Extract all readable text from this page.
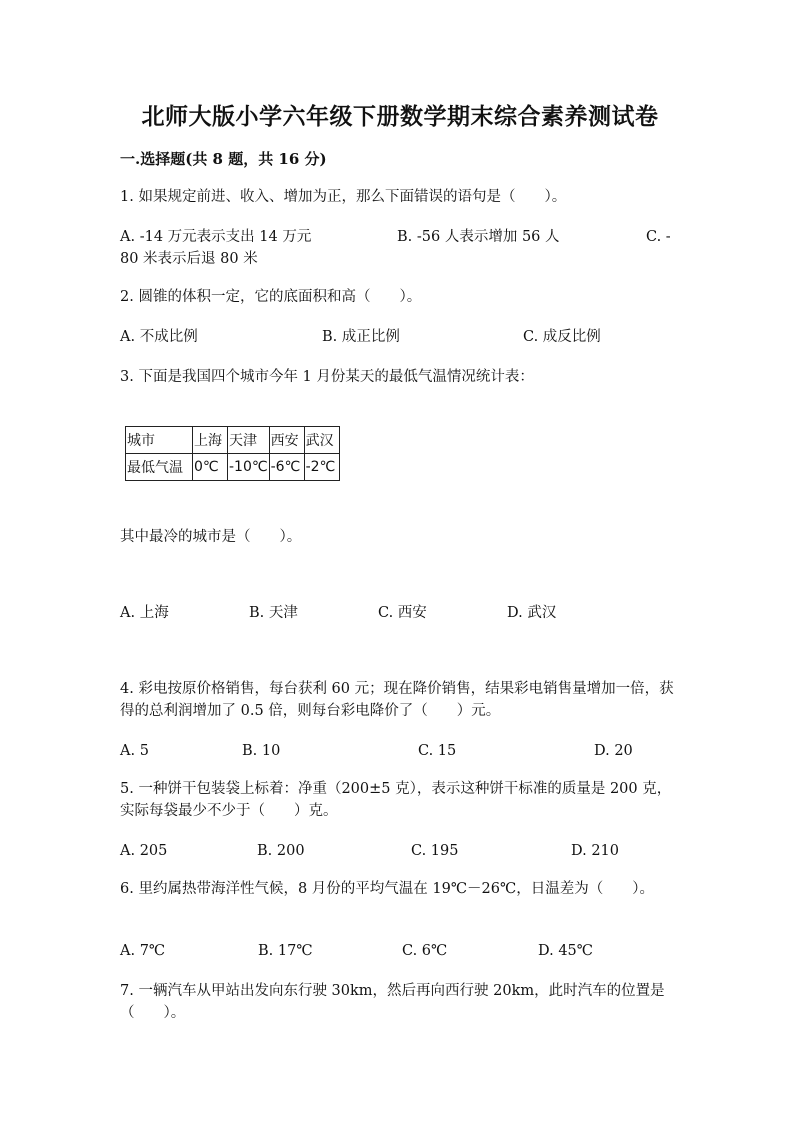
北师大版小学六年级下册数学期末综合素养测试卷
一.选择题(共 8 题，共 16 分)
1. 如果规定前进、收入、增加为正，那么下面错误的语句是（　　）。
A. -14 万元表示支出 14 万元	B. -56 人表示增加 56 人	C. -
80 米表示后退 80 米
2. 圆锥的体积一定，它的底面积和高（　　）。
A. 不成比例	B. 成正比例	C. 成反比例
3. 下面是我国四个城市今年 1 月份某天的最低气温情况统计表：
城市	上海	天津	西安	武汉
最低气温	0℃	-10℃	-6℃	-2℃
其中最冷的城市是（　　）。
A. 上海	B. 天津	C. 西安	D. 武汉
4. 彩电按原价格销售，每台获利 60 元；现在降价销售，结果彩电销售量增加一倍，获得的总利润增加了 0.5 倍，则每台彩电降价了（　　）元。
A. 5	B. 10	C. 15	D. 20
5. 一种饼干包装袋上标着：净重（200±5 克），表示这种饼干标准的质量是 200 克，实际每袋最少不少于（　　）克。
A. 205	B. 200	C. 195	D. 210
6. 里约属热带海洋性气候，8 月份的平均气温在 19℃－26℃，日温差为（　　）。
A. 7℃	B. 17℃	C. 6℃	D. 45℃
7. 一辆汽车从甲站出发向东行驶 30km，然后再向西行驶 20km，此时汽车的位置是（　　）。
